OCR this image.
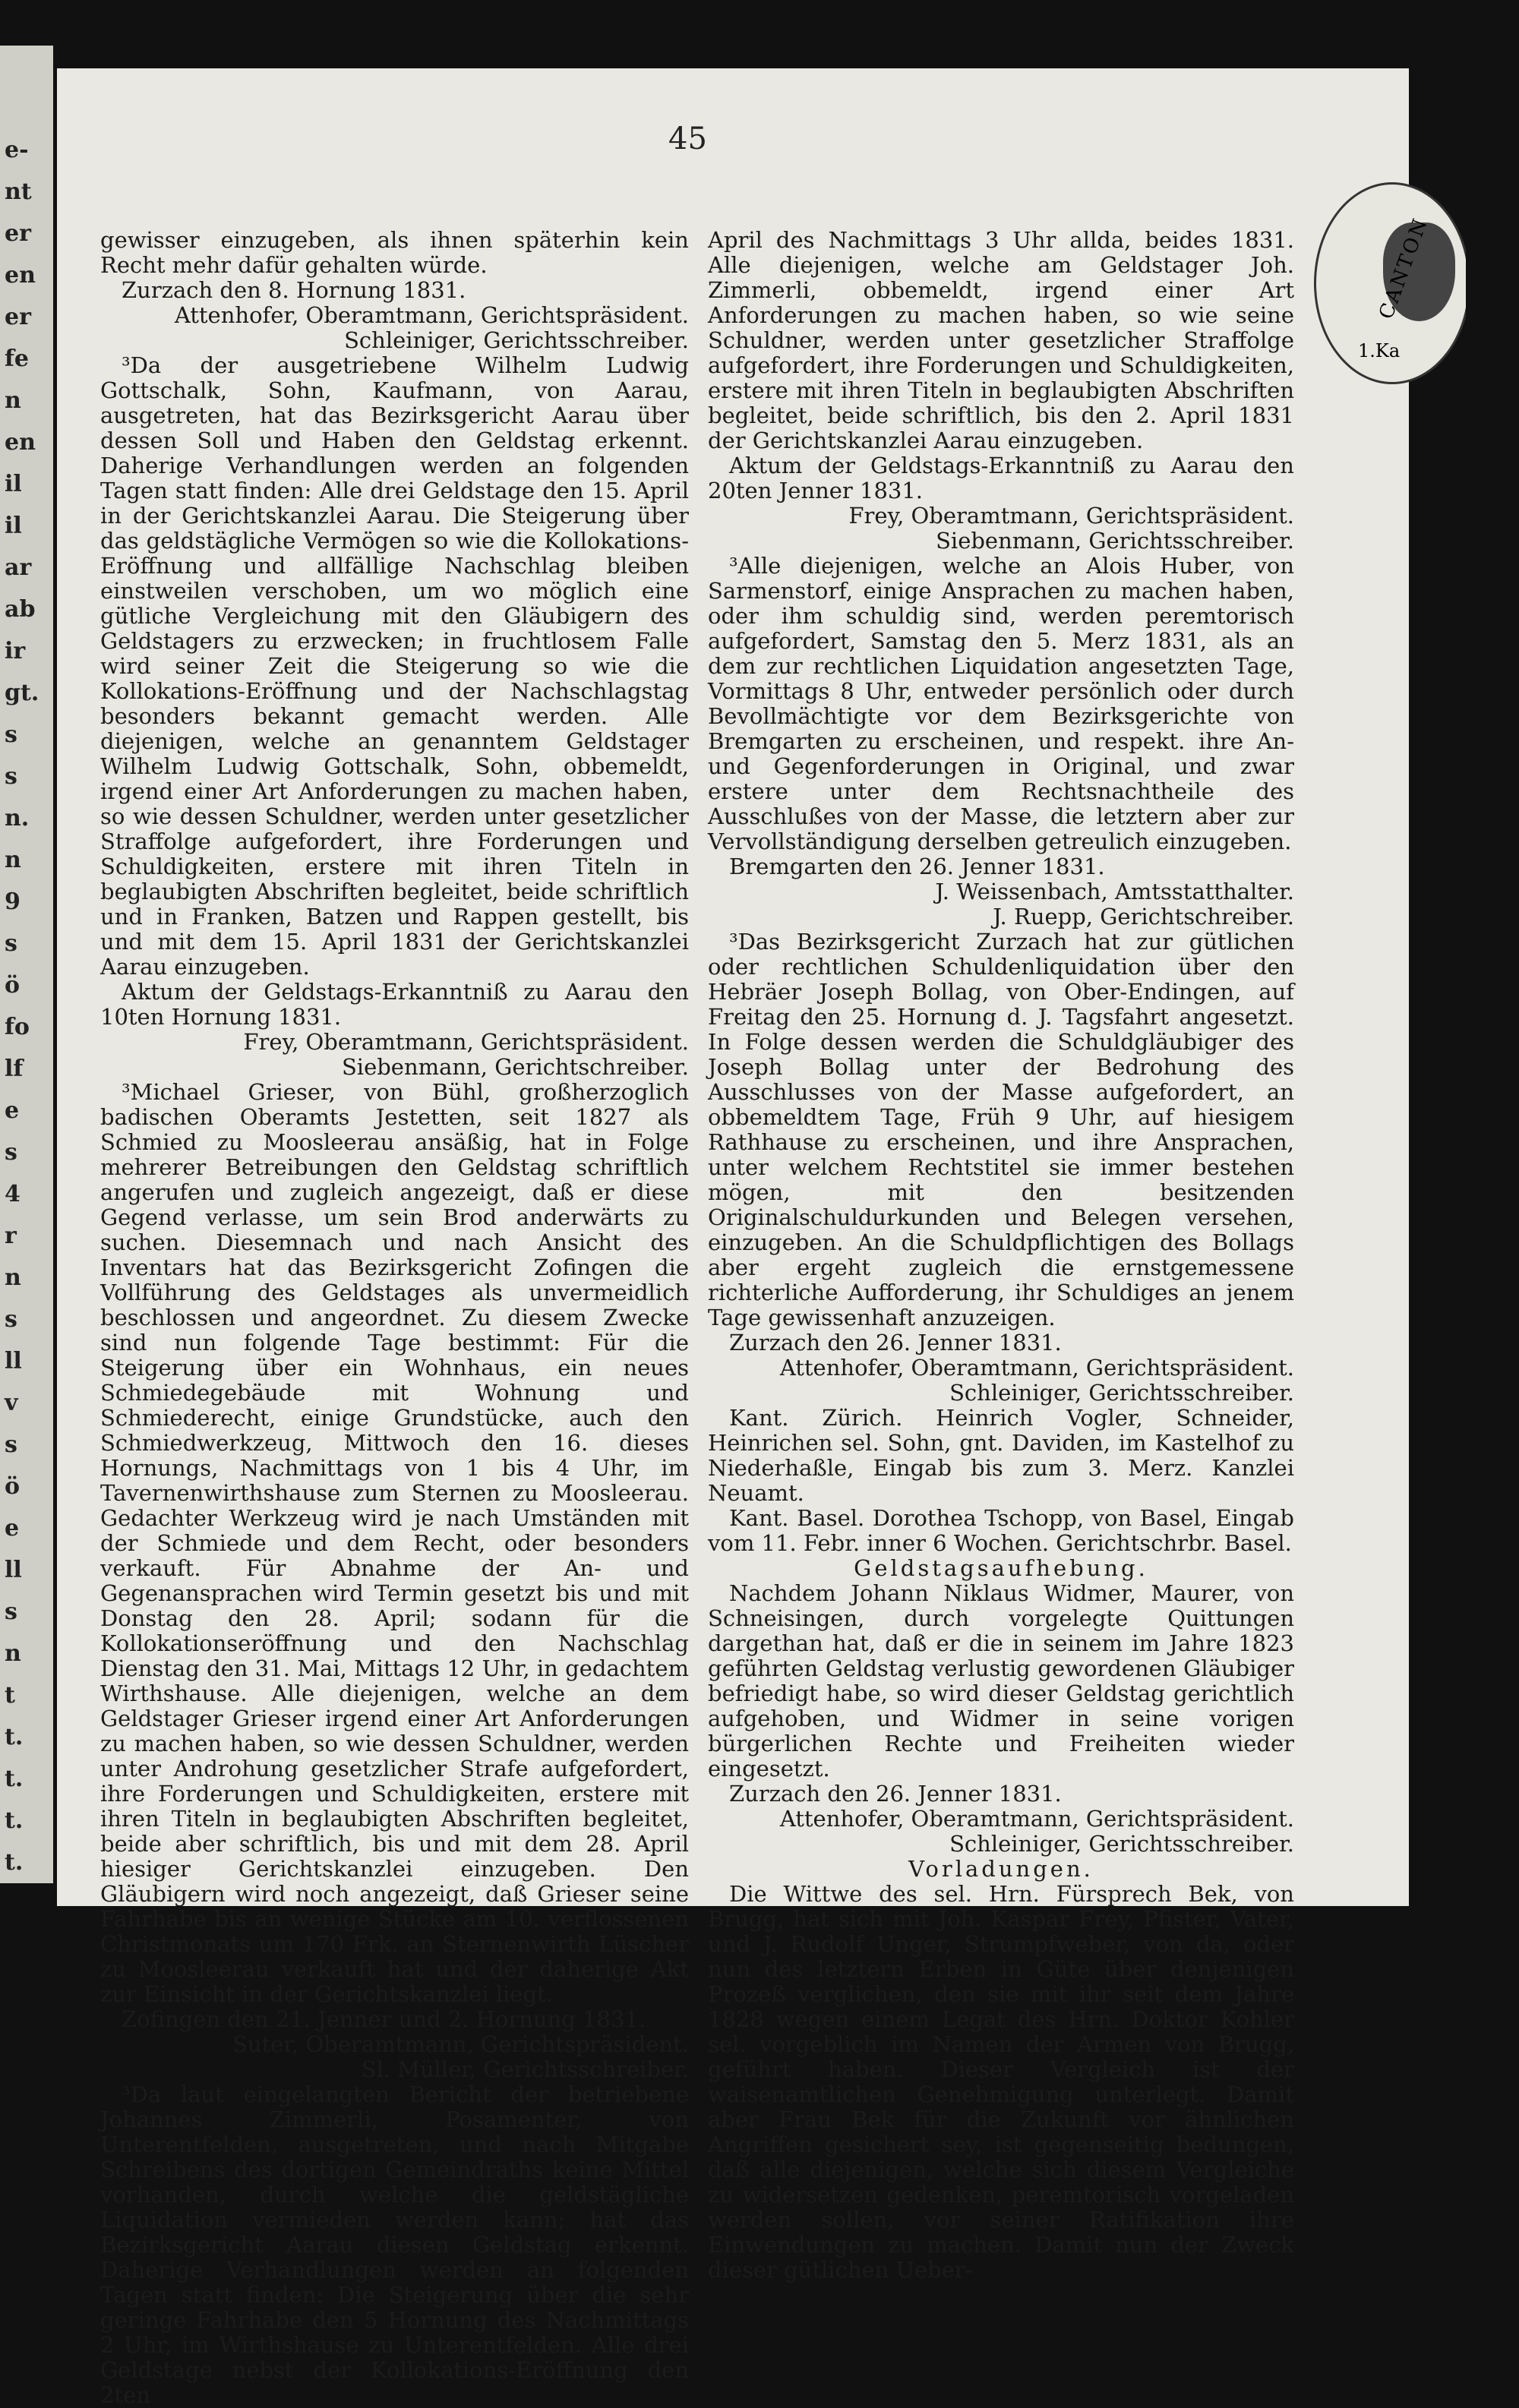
e-
nt
er
en
er
fe
n
en
il
il
ar
ab
ir
gt.
s
s
n.
n
9
s
ö
fo
lf
e
s
4
r
n
s
ll
v
s
ö
e
ll
s
n
t
t.
t.
t.
t.
45
CANTON
1.Ka

gewisser einzugeben, als ihnen späterhin kein Recht mehr dafür gehalten würde.

Zurzach den 8. Hornung 1831.

Attenhofer, Oberamtmann, Gerichtspräsident.

Schleiniger, Gerichtsschreiber.

³Da der ausgetriebene Wilhelm Ludwig Gottschalk, Sohn, Kaufmann, von Aarau, ausgetreten, hat das Bezirksgericht Aarau über dessen Soll und Haben den Geldstag erkennt. Daherige Verhandlungen werden an folgenden Tagen statt finden: Alle drei Geldstage den 15. April in der Gerichtskanzlei Aarau. Die Steigerung über das geldstägliche Vermögen so wie die Kollokations-Eröffnung und allfällige Nachschlag bleiben einstweilen verschoben, um wo möglich eine gütliche Vergleichung mit den Gläubigern des Geldstagers zu erzwecken; in fruchtlosem Falle wird seiner Zeit die Steigerung so wie die Kollokations-Eröffnung und der Nachschlagstag besonders bekannt gemacht werden. Alle diejenigen, welche an genanntem Geldstager Wilhelm Ludwig Gottschalk, Sohn, obbemeldt, irgend einer Art Anforderungen zu machen haben, so wie dessen Schuldner, werden unter gesetzlicher Straffolge aufgefordert, ihre Forderungen und Schuldigkeiten, erstere mit ihren Titeln in beglaubigten Abschriften begleitet, beide schriftlich und in Franken, Batzen und Rappen gestellt, bis und mit dem 15. April 1831 der Gerichtskanzlei Aarau einzugeben.

Aktum der Geldstags-Erkanntniß zu Aarau den 10ten Hornung 1831.

Frey, Oberamtmann, Gerichtspräsident.

Siebenmann, Gerichtschreiber.

³Michael Grieser, von Bühl, großherzoglich badischen Oberamts Jestetten, seit 1827 als Schmied zu Moosleerau ansäßig, hat in Folge mehrerer Betreibungen den Geldstag schriftlich angerufen und zugleich angezeigt, daß er diese Gegend verlasse, um sein Brod anderwärts zu suchen. Diesemnach und nach Ansicht des Inventars hat das Bezirksgericht Zofingen die Vollführung des Geldstages als unvermeidlich beschlossen und angeordnet. Zu diesem Zwecke sind nun folgende Tage bestimmt: Für die Steigerung über ein Wohnhaus, ein neues Schmiedegebäude mit Wohnung und Schmiederecht, einige Grundstücke, auch den Schmiedwerkzeug, Mittwoch den 16. dieses Hornungs, Nachmittags von 1 bis 4 Uhr, im Tavernenwirthshause zum Sternen zu Moosleerau. Gedachter Werkzeug wird je nach Umständen mit der Schmiede und dem Recht, oder besonders verkauft. Für Abnahme der An- und Gegenansprachen wird Termin gesetzt bis und mit Donstag den 28. April; sodann für die Kollokationseröffnung und den Nachschlag Dienstag den 31. Mai, Mittags 12 Uhr, in gedachtem Wirthshause. Alle diejenigen, welche an dem Geldstager Grieser irgend einer Art Anforderungen zu machen haben, so wie dessen Schuldner, werden unter Androhung gesetzlicher Strafe aufgefordert, ihre Forderungen und Schuldigkeiten, erstere mit ihren Titeln in beglaubigten Abschriften begleitet, beide aber schriftlich, bis und mit dem 28. April hiesiger Gerichtskanzlei einzugeben. Den Gläubigern wird noch angezeigt, daß Grieser seine Fahrhabe bis an wenige Stücke am 10. verflossenen Christmonats um 170 Frk. an Sternenwirth Lüscher zu Moosleerau verkauft hat und der daherige Akt zur Einsicht in der Gerichtskanzlei liegt.

Zofingen den 21. Jenner und 2. Hornung 1831.

Suter, Oberamtmann, Gerichtspräsident.

Sl. Müller, Gerichtsschreiber.

³Da laut eingelangten Bericht der betriebene Johannes Zimmerli, Posamenter, von Unterentfelden, ausgetreten, und nach Mitgabe Schreibens des dortigen Gemeindraths keine Mittel vorhanden, durch welche die geldstägliche Liquidation vermieden werden kann; hat das Bezirksgericht Aarau diesen Geldstag erkennt. Daherige Verhandlungen werden an folgenden Tagen statt finden: Die Steigerung über die sehr geringe Fahrhabe den 5 Hornung des Nachmittags 2 Uhr, im Wirthshause zu Unterentfelden. Alle drei Geldstage nebst der Kollokations-Eröffnung den 2ten

April des Nachmittags 3 Uhr allda, beides 1831. Alle diejenigen, welche am Geldstager Joh. Zimmerli, obbemeldt, irgend einer Art Anforderungen zu machen haben, so wie seine Schuldner, werden unter gesetzlicher Straffolge aufgefordert, ihre Forderungen und Schuldigkeiten, erstere mit ihren Titeln in beglaubigten Abschriften begleitet, beide schriftlich, bis den 2. April 1831 der Gerichtskanzlei Aarau einzugeben.

Aktum der Geldstags-Erkanntniß zu Aarau den 20ten Jenner 1831.

Frey, Oberamtmann, Gerichtspräsident.

Siebenmann, Gerichtsschreiber.

³Alle diejenigen, welche an Alois Huber, von Sarmenstorf, einige Ansprachen zu machen haben, oder ihm schuldig sind, werden peremtorisch aufgefordert, Samstag den 5. Merz 1831, als an dem zur rechtlichen Liquidation angesetzten Tage, Vormittags 8 Uhr, entweder persönlich oder durch Bevollmächtigte vor dem Bezirksgerichte von Bremgarten zu erscheinen, und respekt. ihre An- und Gegenforderungen in Original, und zwar erstere unter dem Rechtsnachtheile des Ausschlußes von der Masse, die letztern aber zur Vervollständigung derselben getreulich einzugeben.

Bremgarten den 26. Jenner 1831.

J. Weissenbach, Amtsstatthalter.

J. Ruepp, Gerichtschreiber.

³Das Bezirksgericht Zurzach hat zur gütlichen oder rechtlichen Schuldenliquidation über den Hebräer Joseph Bollag, von Ober-Endingen, auf Freitag den 25. Hornung d. J. Tagsfahrt angesetzt. In Folge dessen werden die Schuldgläubiger des Joseph Bollag unter der Bedrohung des Ausschlusses von der Masse aufgefordert, an obbemeldtem Tage, Früh 9 Uhr, auf hiesigem Rathhause zu erscheinen, und ihre Ansprachen, unter welchem Rechtstitel sie immer bestehen mögen, mit den besitzenden Originalschuldurkunden und Belegen versehen, einzugeben. An die Schuldpflichtigen des Bollags aber ergeht zugleich die ernstgemessene richterliche Aufforderung, ihr Schuldiges an jenem Tage gewissenhaft anzuzeigen.

Zurzach den 26. Jenner 1831.

Attenhofer, Oberamtmann, Gerichtspräsident.

Schleiniger, Gerichtsschreiber.

Kant. Zürich. Heinrich Vogler, Schneider, Heinrichen sel. Sohn, gnt. Daviden, im Kastelhof zu Niederhaßle, Eingab bis zum 3. Merz. Kanzlei Neuamt.

Kant. Basel. Dorothea Tschopp, von Basel, Eingab vom 11. Febr. inner 6 Wochen. Gerichtschrbr. Basel.

Geldstagsaufhebung.

Nachdem Johann Niklaus Widmer, Maurer, von Schneisingen, durch vorgelegte Quittungen dargethan hat, daß er die in seinem im Jahre 1823 geführten Geldstag verlustig gewordenen Gläubiger befriedigt habe, so wird dieser Geldstag gerichtlich aufgehoben, und Widmer in seine vorigen bürgerlichen Rechte und Freiheiten wieder eingesetzt.

Zurzach den 26. Jenner 1831.

Attenhofer, Oberamtmann, Gerichtspräsident.

Schleiniger, Gerichtsschreiber.

Vorladungen.

Die Wittwe des sel. Hrn. Fürsprech Bek, von Brugg, hat sich mit Joh. Kaspar Frey, Pfister, Vater, und J. Rudolf Unger, Strumpfweber, von da, oder nun des letztern Erben in Güte über denjenigen Prozeß verglichen, den sie mit ihr seit dem Jahre 1828 wegen einem Legat des Hrn. Doktor Kohler sel. vorgeblich im Namen der Armen von Brugg, geführt haben. Dieser Vergleich ist der waisenamtlichen Genehmigung unterlegt. Damit aber Frau Bek für die Zukunft vor ähnlichen Angriffen gesichert sey, ist gegenseitig bedungen, daß alle diejenigen, welche sich diesem Vergleiche zu widersetzen gedenken, peremtorisch vorgeladen werden sollen, vor seiner Ratifikation ihre Einwendungen zu machen. Damit nun der Zweck dieser gütlichen Ueber-
